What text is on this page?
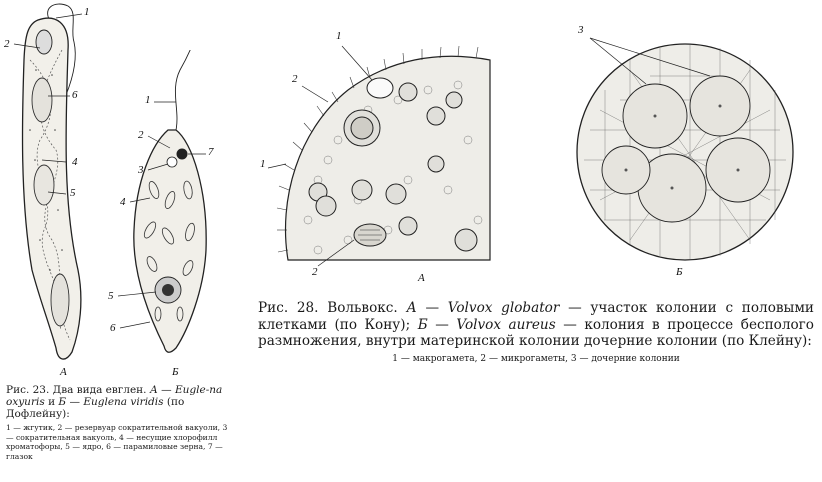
1
2
6
4
5
А
1
2
7
3
4
5
6
Б
Рис. 23. Два вида евглен. А — Eugle-na oxyuris и Б — Euglena viridis (по Дофлейну):
1 — жгутик, 2 — резервуар сократительной вакуоли, 3 — сократительная вакуоль, 4 — несущие хлорофилл хроматофоры, 5 — ядро, 6 — парамиловые зерна, 7 — глазок
1
2
1
2	А
3
Б
Рис. 28. Вольвокс. А — Volvox globator — участок колонии с половыми клетками (по Кону); Б — Volvox aureus — колония в процессе бесполого размножения, внутри материнской колонии дочерние колонии (по Клейну):
1 — макрогамета, 2 — микрогаметы, 3 — дочерние колонии
